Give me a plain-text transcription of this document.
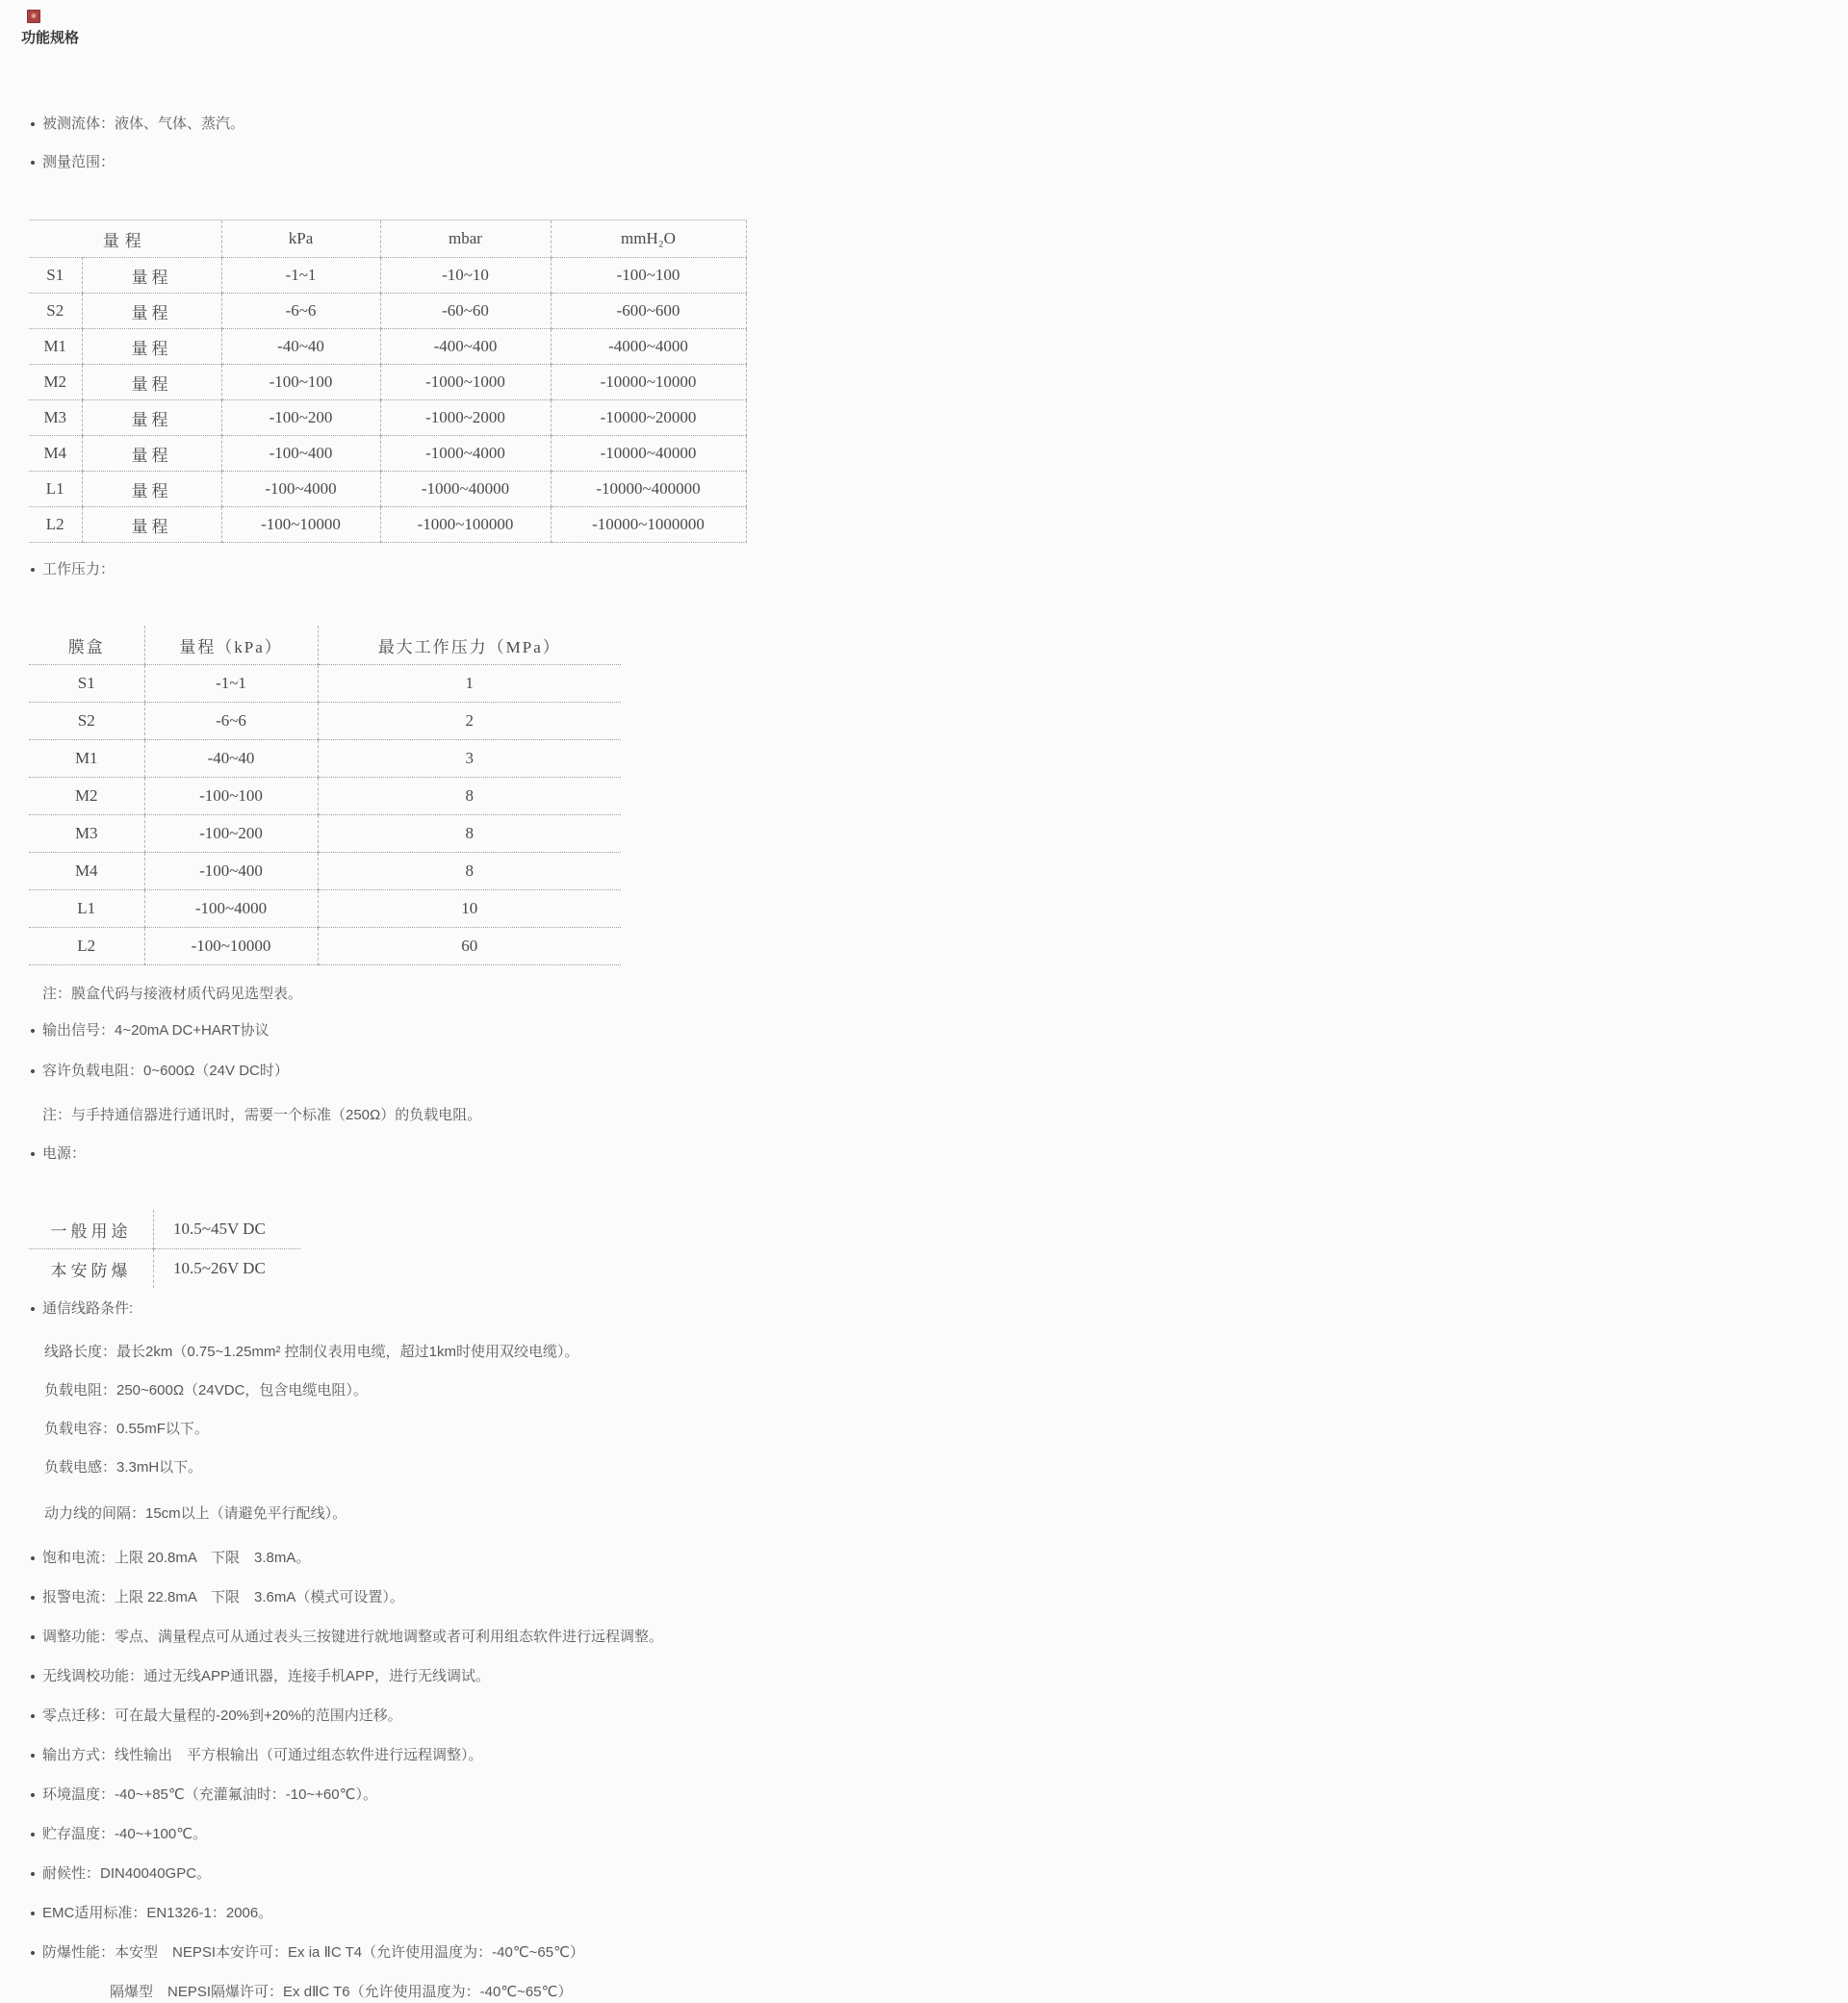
功能规格
被测流体：液体、气体、蒸汽。
测量范围：
量程		kPa	mbar	mmH₂O
S1	量程	-1~1	-10~10	-100~100
S2	量程	-6~6	-60~60	-600~600
M1	量程	-40~40	-400~400	-4000~4000
M2	量程	-100~100	-1000~1000	-10000~10000
M3	量程	-100~200	-1000~2000	-10000~20000
M4	量程	-100~400	-1000~4000	-10000~40000
L1	量程	-100~4000	-1000~40000	-10000~400000
L2	量程	-100~10000	-1000~100000	-10000~1000000
工作压力：
膜盒	量程（kPa）	最大工作压力（MPa）
S1	-1~1	1
S2	-6~6	2
M1	-40~40	3
M2	-100~100	8
M3	-100~200	8
M4	-100~400	8
L1	-100~4000	10
L2	-100~10000	60
注：膜盒代码与接液材质代码见选型表。
输出信号：4~20mA DC+HART协议
容许负载电阻：0~600Ω（24V DC时）
注：与手持通信器进行通讯时，需要一个标准（250Ω）的负载电阻。
电源：
一般用途	10.5~45V DC
本安防爆	10.5~26V DC
通信线路条件:
线路长度：最长2km（0.75~1.25mm² 控制仪表用电缆，超过1km时使用双绞电缆）。
负载电阻：250~600Ω（24VDC，包含电缆电阻）。
负载电容：0.55mF以下。
负载电感：3.3mH以下。
动力线的间隔：15cm以上（请避免平行配线）。
饱和电流：上限 20.8mA　下限　3.8mA。
报警电流：上限 22.8mA　下限　3.6mA（模式可设置）。
调整功能：零点、满量程点可从通过表头三按键进行就地调整或者可利用组态软件进行远程调整。
无线调校功能：通过无线APP通讯器，连接手机APP，进行无线调试。
零点迁移：可在最大量程的-20%到+20%的范围内迁移。
输出方式：线性输出　平方根输出（可通过组态软件进行远程调整）。
环境温度：-40~+85℃（充灌氟油时：-10~+60℃）。
贮存温度：-40~+100℃。
耐候性：DIN40040GPC。
EMC适用标准：EN1326-1：2006。
防爆性能：本安型　NEPSI本安许可：Ex ia ⅡC T4（允许使用温度为：-40℃~65℃）
隔爆型　NEPSI隔爆许可：Ex dⅡC T6（允许使用温度为：-40℃~65℃）
